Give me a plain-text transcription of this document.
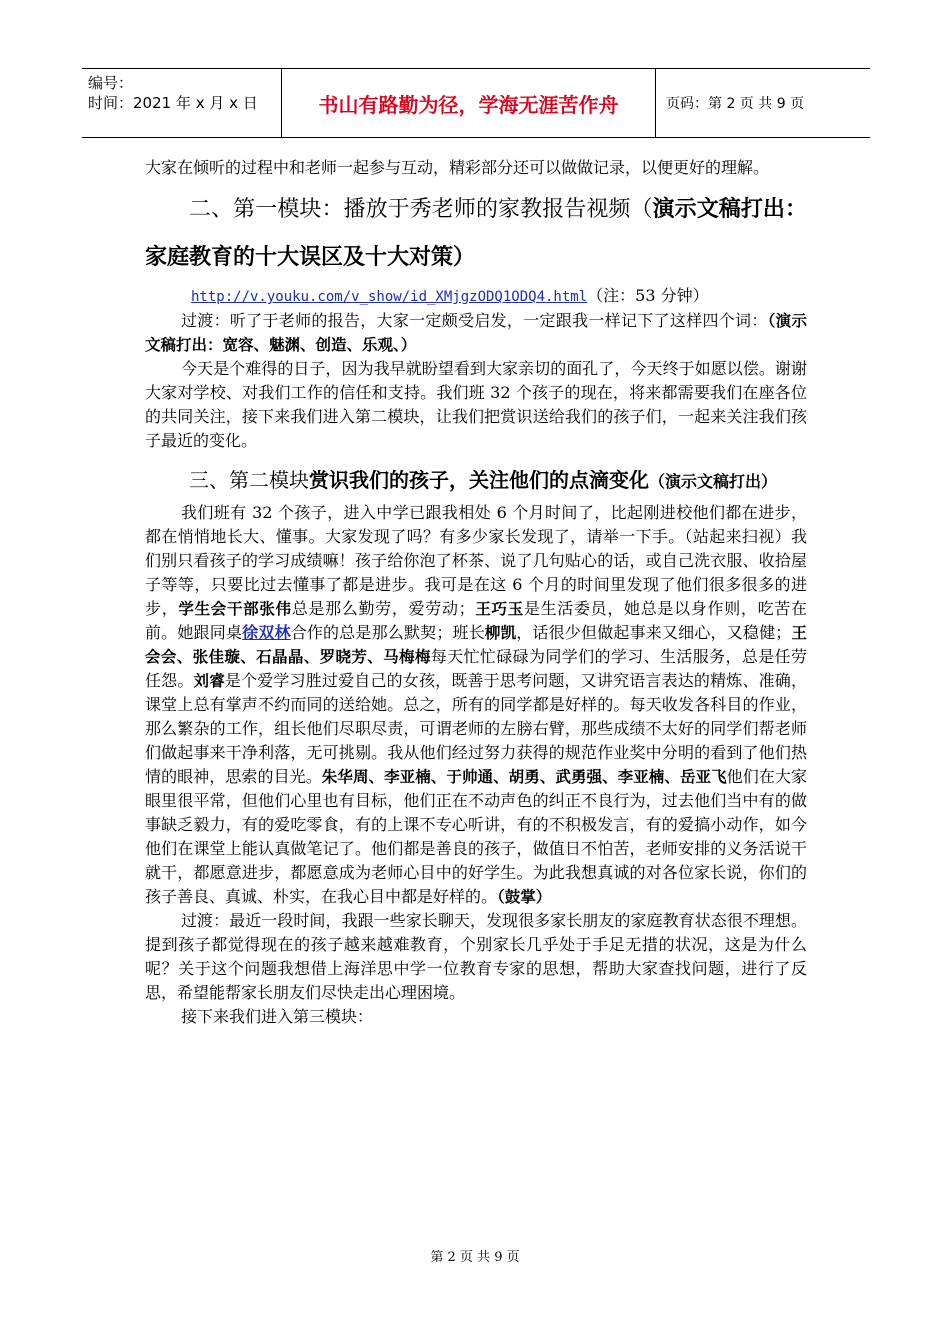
编号：
时间：2021 年 x 月 x 日	书山有路勤为径，学海无涯苦作舟	页码：第 2 页 共 9 页

大家在倾听的过程中和老师一起参与互动，精彩部分还可以做做记录，以便更好的理解。

二、第一模块：播放于秀老师的家教报告视频（演示文稿打出：家庭教育的十大误区及十大对策）

http://v.youku.com/v_show/id_XMjgzODQ1ODQ4.html（注：53 分钟）

过渡：听了于老师的报告，大家一定颇受启发，一定跟我一样记下了这样四个词：（演示文稿打出：宽容、魅渊、创造、乐观、）

今天是个难得的日子，因为我早就盼望看到大家亲切的面孔了，今天终于如愿以偿。谢谢大家对学校、对我们工作的信任和支持。我们班 32 个孩子的现在，将来都需要我们在座各位的共同关注，接下来我们进入第二模块，让我们把赏识送给我们的孩子们，一起来关注我们孩子最近的变化。

三、第二模块赏识我们的孩子，关注他们的点滴变化（演示文稿打出）

我们班有 32 个孩子，进入中学已跟我相处 6 个月时间了，比起刚进校他们都在进步，都在悄悄地长大、懂事。大家发现了吗？有多少家长发现了，请举一下手。（站起来扫视）我们别只看孩子的学习成绩嘛！孩子给你泡了杯茶、说了几句贴心的话，或自己洗衣服、收拾屋子等等，只要比过去懂事了都是进步。我可是在这 6 个月的时间里发现了他们很多很多的进步，学生会干部张伟总是那么勤劳，爱劳动；王巧玉是生活委员，她总是以身作则，吃苦在前。她跟同桌徐双林合作的总是那么默契；班长柳凯，话很少但做起事来又细心，又稳健；王会会、张佳璇、石晶晶、罗晓芳、马梅梅每天忙忙碌碌为同学们的学习、生活服务，总是任劳任怨。刘睿是个爱学习胜过爱自己的女孩，既善于思考问题，又讲究语言表达的精炼、准确，课堂上总有掌声不约而同的送给她。总之，所有的同学都是好样的。每天收发各科目的作业，那么繁杂的工作，组长他们尽职尽责，可谓老师的左膀右臂，那些成绩不太好的同学们帮老师们做起事来干净利落，无可挑剔。我从他们经过努力获得的规范作业奖中分明的看到了他们热情的眼神，思索的目光。朱华周、李亚楠、于帅通、胡勇、武勇强、李亚楠、岳亚飞他们在大家眼里很平常，但他们心里也有目标，他们正在不动声色的纠正不良行为，过去他们当中有的做事缺乏毅力，有的爱吃零食，有的上课不专心听讲，有的不积极发言，有的爱搞小动作，如今他们在课堂上能认真做笔记了。他们都是善良的孩子，做值日不怕苦，老师安排的义务活说干就干，都愿意进步，都愿意成为老师心目中的好学生。为此我想真诚的对各位家长说，你们的孩子善良、真诚、朴实，在我心目中都是好样的。（鼓掌）

过渡：最近一段时间，我跟一些家长聊天，发现很多家长朋友的家庭教育状态很不理想。提到孩子都觉得现在的孩子越来越难教育，个别家长几乎处于手足无措的状况，这是为什么呢？关于这个问题我想借上海洋思中学一位教育专家的思想，帮助大家查找问题，进行了反思，希望能帮家长朋友们尽快走出心理困境。

接下来我们进入第三模块：

第 2 页 共 9 页
